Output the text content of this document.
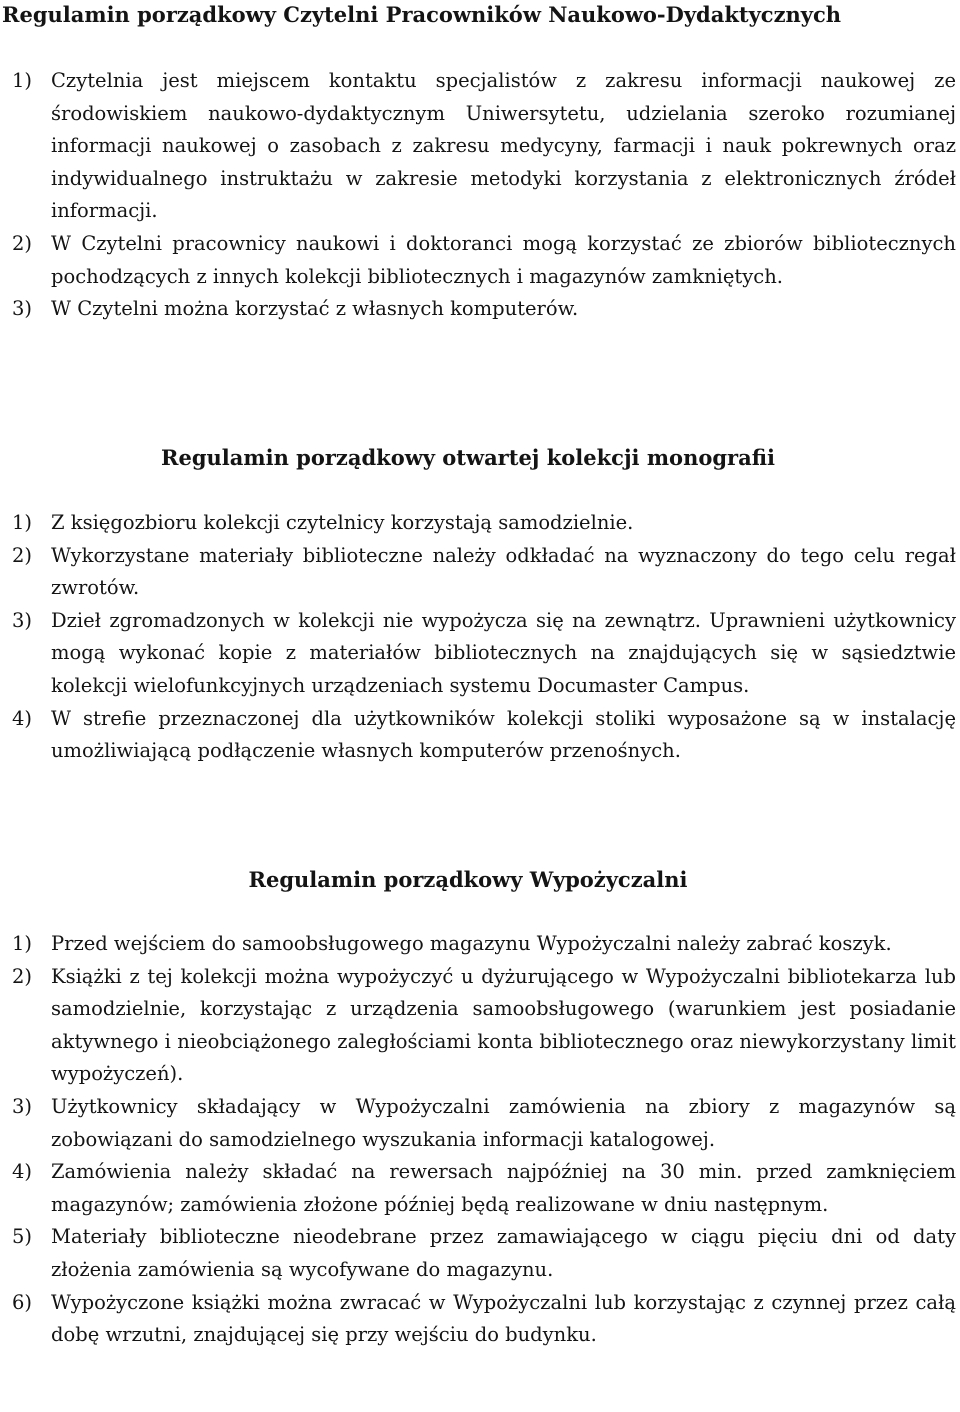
Regulamin porządkowy Czytelni Pracowników Naukowo-Dydaktycznych
1) Czytelnia jest miejscem kontaktu specjalistów z zakresu informacji naukowej ze środowiskiem naukowo-dydaktycznym Uniwersytetu, udzielania szeroko rozumianej informacji naukowej o zasobach z zakresu medycyny, farmacji i nauk pokrewnych oraz indywidualnego instruktażu w zakresie metodyki korzystania z elektronicznych źródeł informacji.
2) W Czytelni pracownicy naukowi i doktoranci mogą korzystać ze zbiorów bibliotecznych pochodzących z innych kolekcji bibliotecznych i magazynów zamkniętych.
3) W Czytelni można korzystać z własnych komputerów.
Regulamin porządkowy otwartej kolekcji monografii
1) Z księgozbioru kolekcji czytelnicy korzystają samodzielnie.
2) Wykorzystane materiały biblioteczne należy odkładać na wyznaczony do tego celu regał zwrotów.
3) Dzieł zgromadzonych w kolekcji nie wypożycza się na zewnątrz. Uprawnieni użytkownicy mogą wykonać kopie z materiałów bibliotecznych na znajdujących się w sąsiedztwie kolekcji wielofunkcyjnych urządzeniach systemu Documaster Campus.
4) W strefie przeznaczonej dla użytkowników kolekcji stoliki wyposażone są w instalację umożliwiającą podłączenie własnych komputerów przenośnych.
Regulamin porządkowy Wypożyczalni
1) Przed wejściem do samoobsługowego magazynu Wypożyczalni należy zabrać koszyk.
2) Książki z tej kolekcji można wypożyczyć u dyżurującego w Wypożyczalni bibliotekarza lub samodzielnie, korzystając z urządzenia samoobsługowego (warunkiem jest posiadanie aktywnego i nieobciążonego zaległościami konta bibliotecznego oraz niewykorzystany limit wypożyczeń).
3) Użytkownicy składający w Wypożyczalni zamówienia na zbiory z magazynów są zobowiązani do samodzielnego wyszukania informacji katalogowej.
4) Zamówienia należy składać na rewersach najpóźniej na 30 min. przed zamknięciem magazynów; zamówienia złożone później będą realizowane w dniu następnym.
5) Materiały biblioteczne nieodebrane przez zamawiającego w ciągu pięciu dni od daty złożenia zamówienia są wycofywane do magazynu.
6) Wypożyczone książki można zwracać w Wypożyczalni lub korzystając z czynnej przez całą dobę wrzutni, znajdującej się przy wejściu do budynku.
